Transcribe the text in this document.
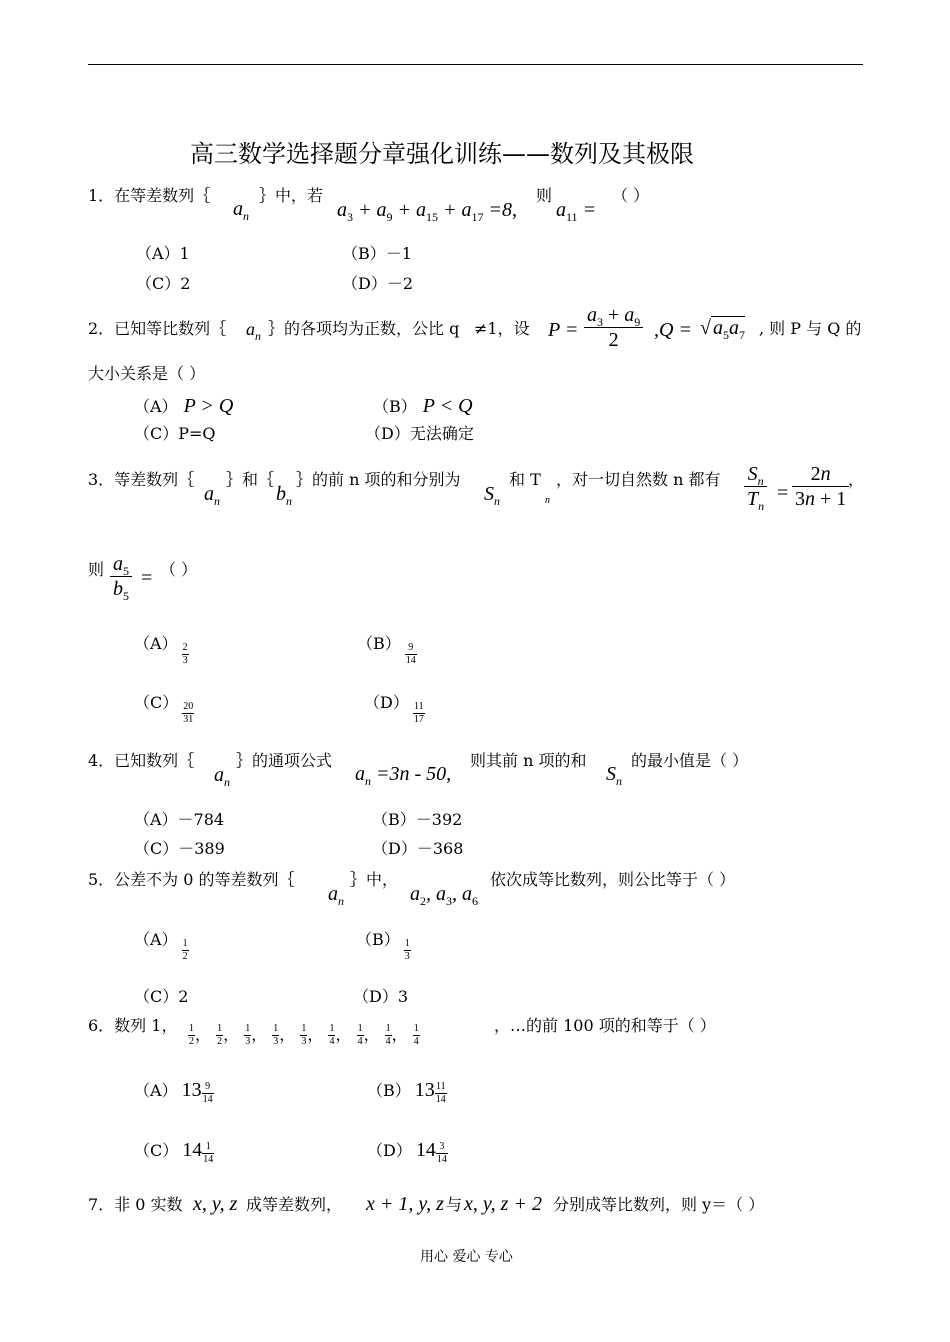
高三数学选择题分章强化训练——数列及其极限
1．在等差数列｛
$a_n$
｝中，若
$a_3 + a_9 + a_{15} + a_{17} =8$,
则
$a_{11}$ =
（ ）
（A）1	（B）－1
（C）2	（D）－2
2．已知等比数列｛ $a_n$ ｝的各项均为正数，公比 q ≠1，设 $P = \frac{a_3 + a_9}{2} ,Q$ = √ $a_5a_7$ , 则 P 与 Q 的
大小关系是（ ）
（A） P > Q	（B） P < Q
（C）P=Q	（D）无法确定
3．等差数列｛
$a_n$
｝和｛
$b_n$
｝的前 n 项的和分别为
$S_n$
和 T
n
，对一切自然数 n 都有 $\frac{S_n}{T_n} = \frac{2n}{3n + 1}$
，
则 $\frac{a_5}{b_5}$ = （ ）
$(A) \frac{2}{3}$	$(B) \frac{9}{14}$
$(C) \frac{20}{31}$	$(D) \frac{11}{17}$
4．已知数列｛
$a_n$
｝的通项公式
$a_n =3n - 50$,
则其前 n 项的和
$S_n$
的最小值是（ ）
（A）－784	（B）－392
（C）－389	（D）－368
5．公差不为 0 的等差数列｛
$a_n$
｝中，
$a_2$, $a_3$, $a_6$
依次成等比数列，则公比等于（ ）
$(A) \frac{1}{2}$	$(B) \frac{1}{3}$
（C）2	（D）3
6．数列 1， $\frac{1}{2}$ ， $\frac{1}{2}$ ， $\frac{1}{3}$ ， $\frac{1}{3}$ ， $\frac{1}{3}$ ， $\frac{1}{4}$ ， $\frac{1}{4}$ ， $\frac{1}{4}$ ， $\frac{1}{4}$	，…的前 100 项的和等于（ ）
（A） $13 \frac{9}{14}$	（B） $13 \frac{11}{14}$
（C） $14 \frac{1}{14}$	（D） $14 \frac{3}{14}$
7．非 0 实数 x, y, z 成等差数列， x + 1, y, z 与 x, y, z + 2 分别成等比数列，则 y＝（ ）
用心 爱心 专心
